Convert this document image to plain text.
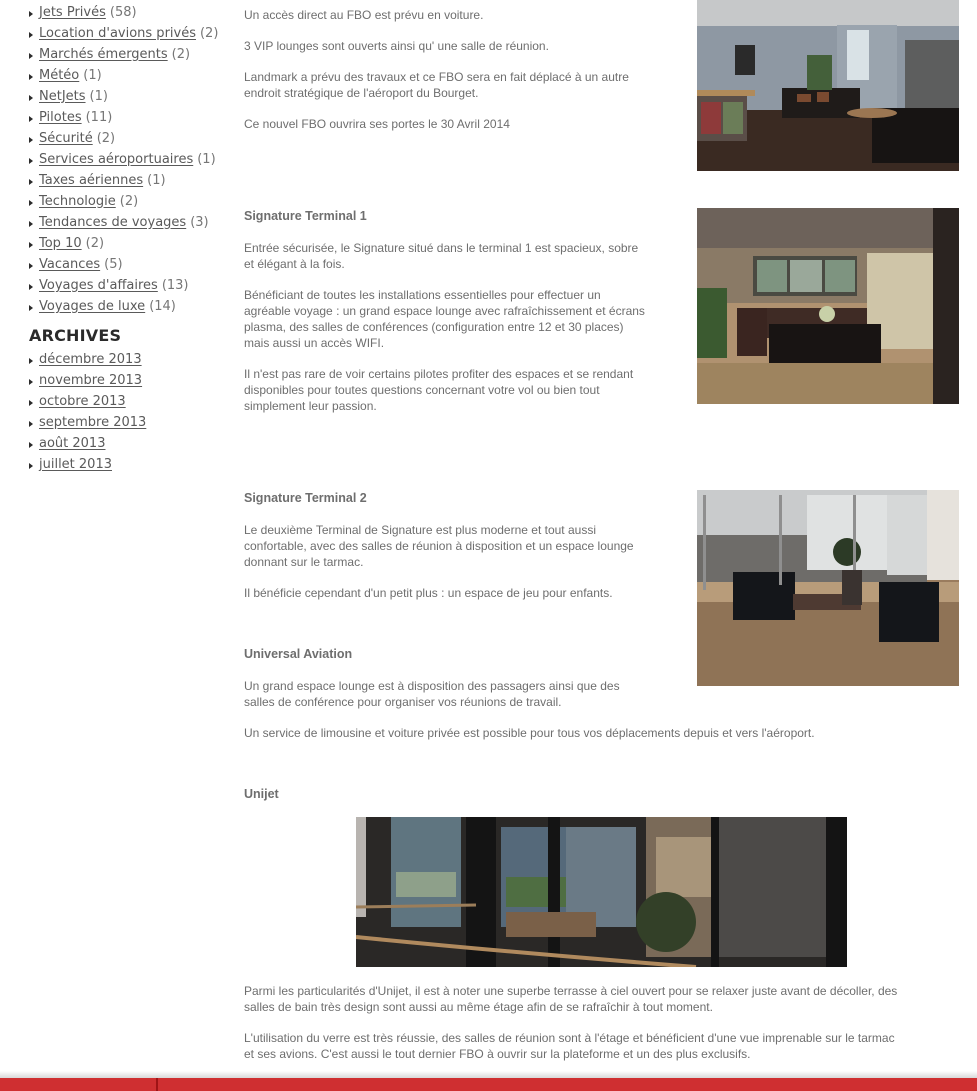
Jets Privés (58)
Location d'avions privés (2)
Marchés émergents (2)
Météo (1)
NetJets (1)
Pilotes (11)
Sécurité (2)
Services aéroportuaires (1)
Taxes aériennes (1)
Technologie (2)
Tendances de voyages (3)
Top 10 (2)
Vacances (5)
Voyages d'affaires (13)
Voyages de luxe (14)
ARCHIVES
décembre 2013
novembre 2013
octobre 2013
septembre 2013
août 2013
juillet 2013

Un accès direct au FBO est prévu en voiture.

3 VIP lounges sont ouverts ainsi qu' une salle de réunion.

Landmark a prévu des travaux et ce FBO sera en fait déplacé à un autre
endroit stratégique de l'aéroport du Bourget.

Ce nouvel FBO ouvrira ses portes le 30 Avril 2014

Signature Terminal 1
Entrée sécurisée, le Signature situé dans le terminal 1 est spacieux, sobre
et élégant à la fois.
Bénéficiant de toutes les installations essentielles pour effectuer un
agréable voyage : un grand espace lounge avec rafraîchissement et écrans
plasma, des salles de conférences (configuration entre 12 et 30 places)
mais aussi un accès WIFI.
Il n'est pas rare de voir certains pilotes profiter des espaces et se rendant
disponibles pour toutes questions concernant votre vol ou bien tout
simplement leur passion.
Signature Terminal 2
Le deuxième Terminal de Signature est plus moderne et tout aussi
confortable, avec des salles de réunion à disposition et un espace lounge
donnant sur le tarmac.

Il bénéficie cependant d'un petit plus : un espace de jeu pour enfants.

Universal Aviation
Un grand espace lounge est à disposition des passagers ainsi que des
salles de conférence pour organiser vos réunions de travail.

Un service de limousine et voiture privée est possible pour tous vos déplacements depuis et vers l'aéroport.

Unijet
Parmi les particularités d'Unijet, il est à noter une superbe terrasse à ciel ouvert pour se relaxer juste avant de décoller, des
salles de bain très design sont aussi au même étage afin de se rafraîchir à tout moment.
L'utilisation du verre est très réussie, des salles de réunion sont à l'étage et bénéficient d'une vue imprenable sur le tarmac
et ses avions. C'est aussi le tout dernier FBO à ouvrir sur la plateforme et un des plus exclusifs.
